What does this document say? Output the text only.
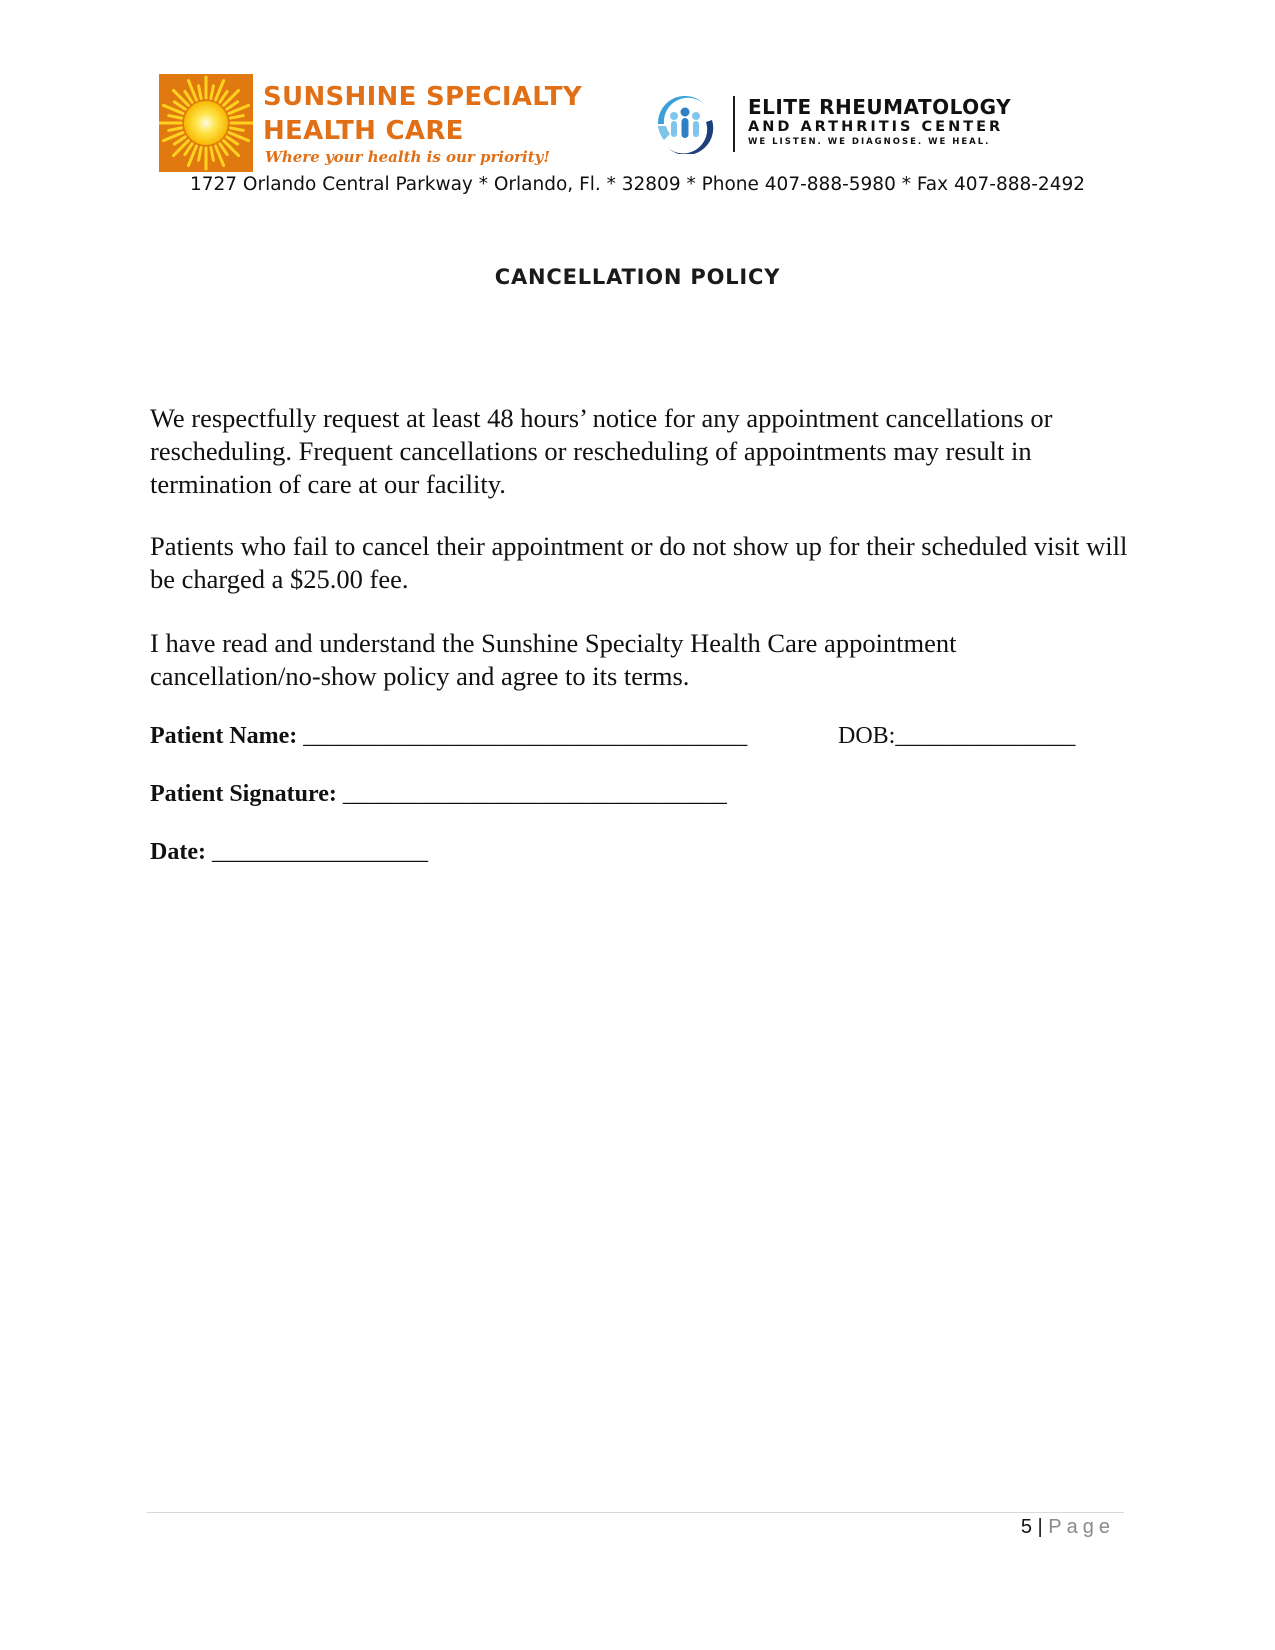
SUNSHINE SPECIALTY
HEALTH CARE
Where your health is our priority!
ELITE RHEUMATOLOGY
AND ARTHRITIS CENTER
WE LISTEN. WE DIAGNOSE. WE HEAL.
1727 Orlando Central Parkway * Orlando, Fl. * 32809 * Phone 407-888-5980 * Fax 407-888-2492
CANCELLATION POLICY
We respectfully request at least 48 hours’ notice for any appointment cancellations or rescheduling. Frequent cancellations or rescheduling of appointments may result in termination of care at our facility.
Patients who fail to cancel their appointment or do not show up for their scheduled visit will be charged a $25.00 fee.
I have read and understand the Sunshine Specialty Health Care appointment cancellation/no-show policy and agree to its terms.
Patient Name: _____________________________________	DOB:_______________
Patient Signature: ________________________________
Date: __________________
5 | Page
